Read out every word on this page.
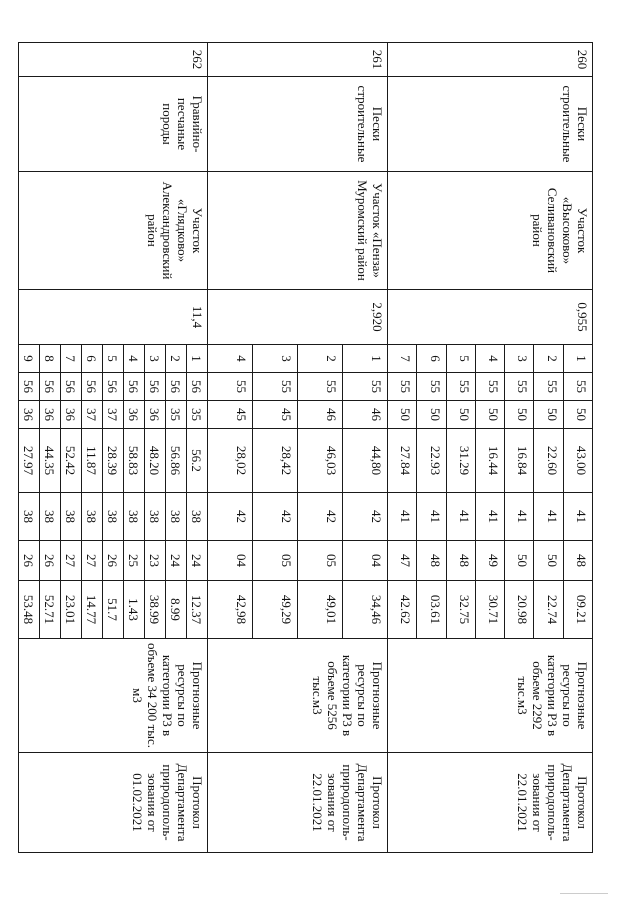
260	Пески строительные	Участок «Высоково» Селивановский район	0,955	1	55	50	43.00	41	48	09.21	Прогнозные ресурсы по категории Р3 в объеме 2292 тыс.м3	Протокол Департамента природополь-зования от 22.01.2021

				2	55	50	22.60	41	50	22.74		
				3	55	50	16.84	41	50	20.98		
				4	55	50	16.44	41	49	30.71		
				5	55	50	31.29	41	48	32.75		
				6	55	50	22.93	41	48	03.61		
				7	55	50	27.84	41	47	42.62		

261	Пески строительные	Участок «Пенза» Муромский район	2,920	1	55	46	44,80	42	04	34,46	Прогнозные ресурсы по категории Р3 в объеме 5256 тыс.м3	Протокол Департамента природополь-зования от 22.01.2021

				2	55	46	46,03	42	05	49,01		
				3	55	45	28,42	42	05	49,29		
				4	55	45	28,02	42	04	42,98		

262	Гравийно-песчаные породы	Участок «Глядково» Александровский район	11,4	1	56	35	56.2	38	24	12.37	Прогнозные ресурсы по категории Р3 в объеме 34 200 тыс. м3	Протокол Департамента природополь-зования от 01.02.2021

				2	56	35	56.86	38	24	8.99		
				3	56	36	48.20	38	23	38.99		
				4	56	36	58.83	38	25	1.43		
				5	56	37	28.39	38	26	51.7		
				6	56	37	11.87	38	27	14.77		
				7	56	36	52.42	38	27	23.01		
				8	56	36	44.35	38	26	52.71		
				9	56	36	27.97	38	26	53.48		
